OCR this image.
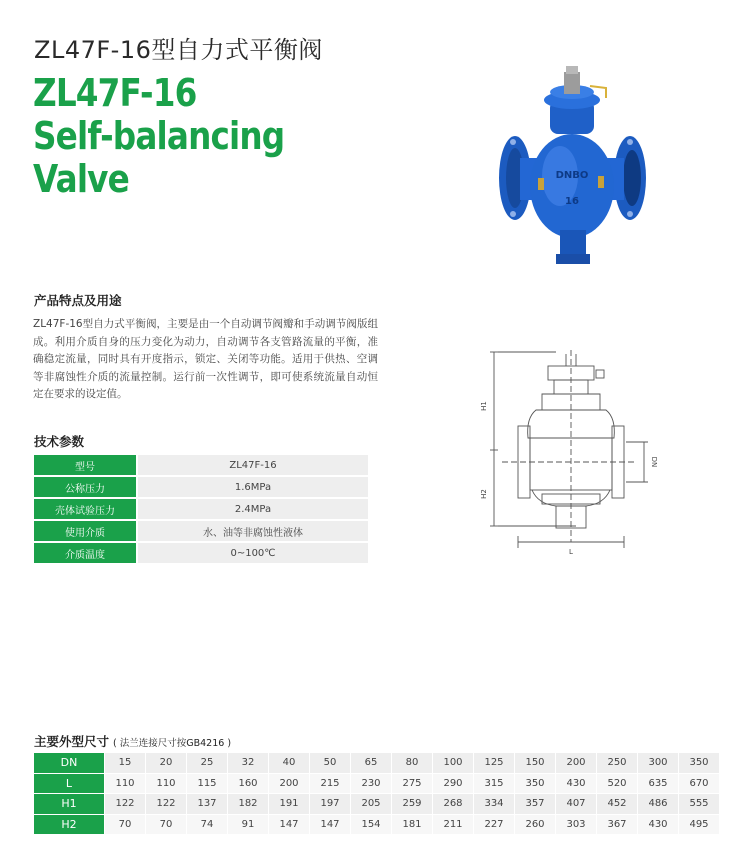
ZL47F-16型自力式平衡阀
ZL47F-16
Self-balancing
Valve	DNBO
16
产品特点及用途

ZL47F-16型自力式平衡阀，主要是由一个自动调节阀瓣和手动调节阀版组成。利用介质自身的压力变化为动力，自动调节各支管路流量的平衡，准确稳定流量，同时具有开度指示，锁定、关闭等功能。适用于供热、空调等非腐蚀性介质的流量控制。运行前一次性调节，即可使系统流量自动恒定在要求的设定值。

H1
H2
DN
L
技术参数
型号	ZL47F-16
公称压力	1.6MPa
壳体试验压力	2.4MPa
使用介质	水、油等非腐蚀性液体
介质温度	0~100℃
主要外型尺寸 ( 法兰连接尺寸按GB4216 )
DN	15	20	25	32	40	50	65	80	100	125	150	200	250	300	350
L	110	110	115	160	200	215	230	275	290	315	350	430	520	635	670
H1	122	122	137	182	191	197	205	259	268	334	357	407	452	486	555
H2	70	70	74	91	147	147	154	181	211	227	260	303	367	430	495
